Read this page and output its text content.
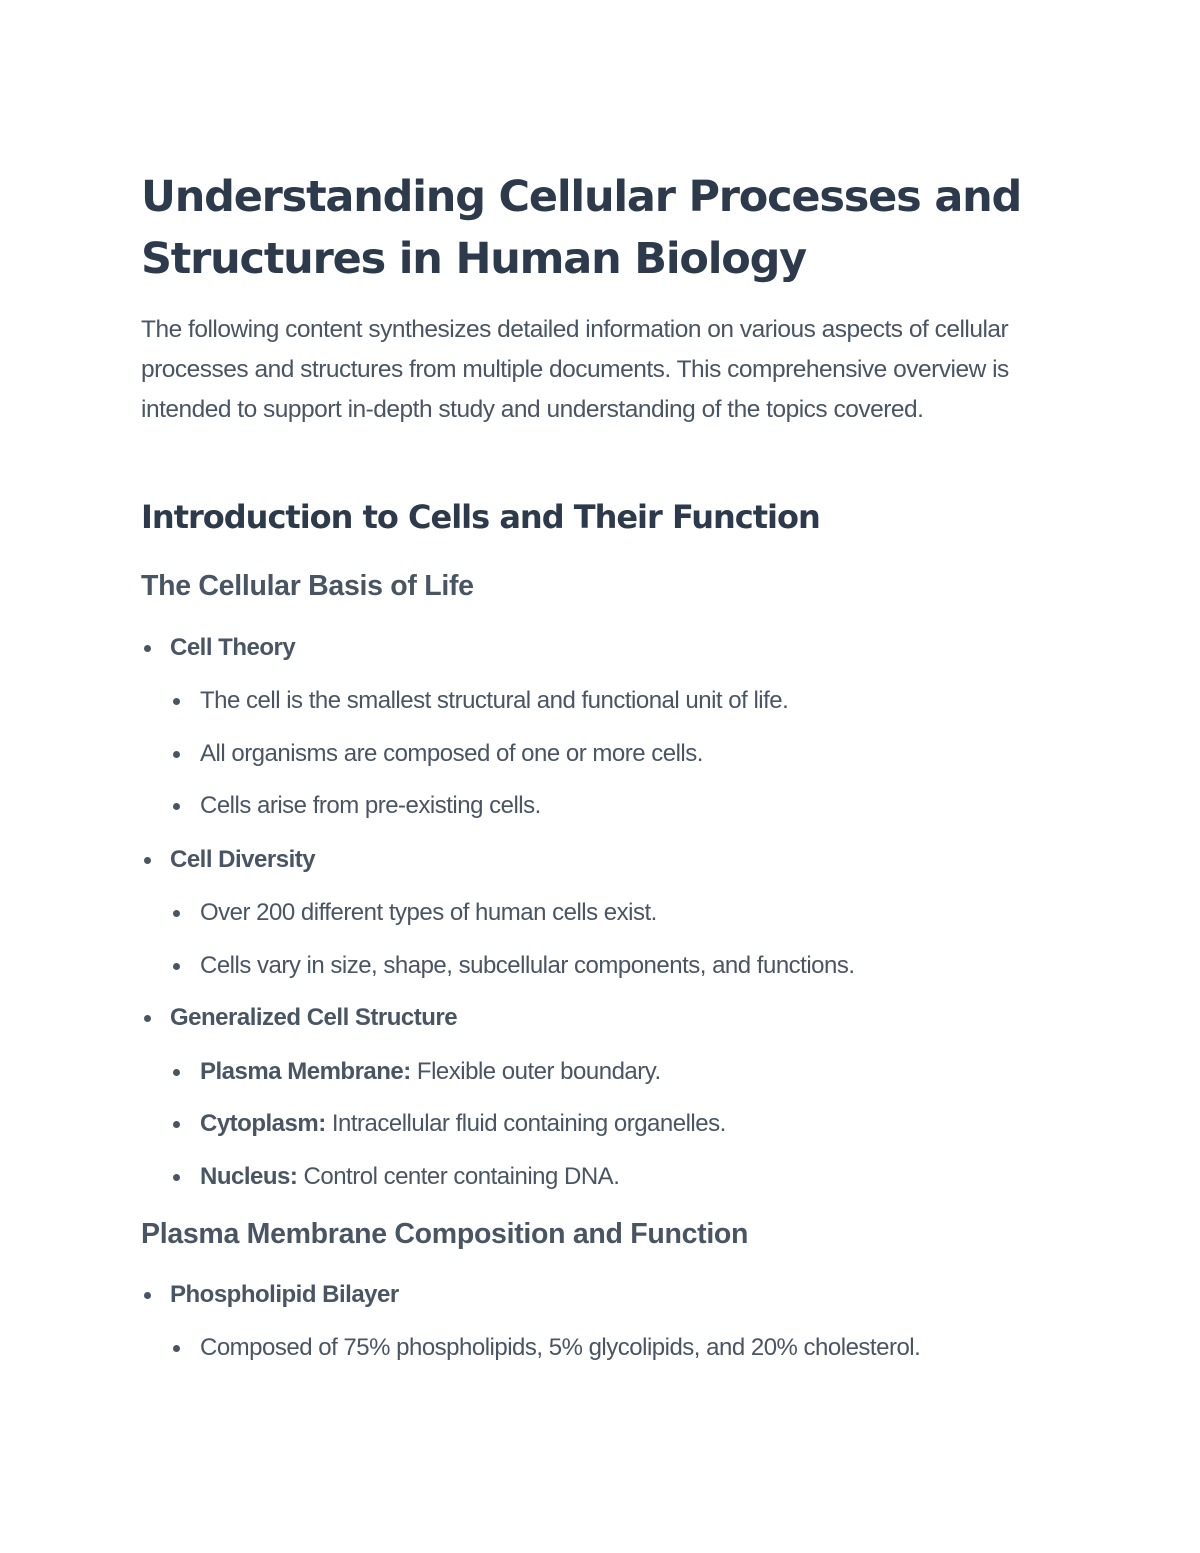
Understanding Cellular Processes and Structures in Human Biology

The following content synthesizes detailed information on various aspects of cellular processes and structures from multiple documents. This comprehensive overview is intended to support in-depth study and understanding of the topics covered.

Introduction to Cells and Their Function
The Cellular Basis of Life
Cell Theory
The cell is the smallest structural and functional unit of life.
All organisms are composed of one or more cells.
Cells arise from pre-existing cells.
Cell Diversity
Over 200 different types of human cells exist.
Cells vary in size, shape, subcellular components, and functions.
Generalized Cell Structure
Plasma Membrane: Flexible outer boundary.
Cytoplasm: Intracellular fluid containing organelles.
Nucleus: Control center containing DNA.
Plasma Membrane Composition and Function
Phospholipid Bilayer
Composed of 75% phospholipids, 5% glycolipids, and 20% cholesterol.
